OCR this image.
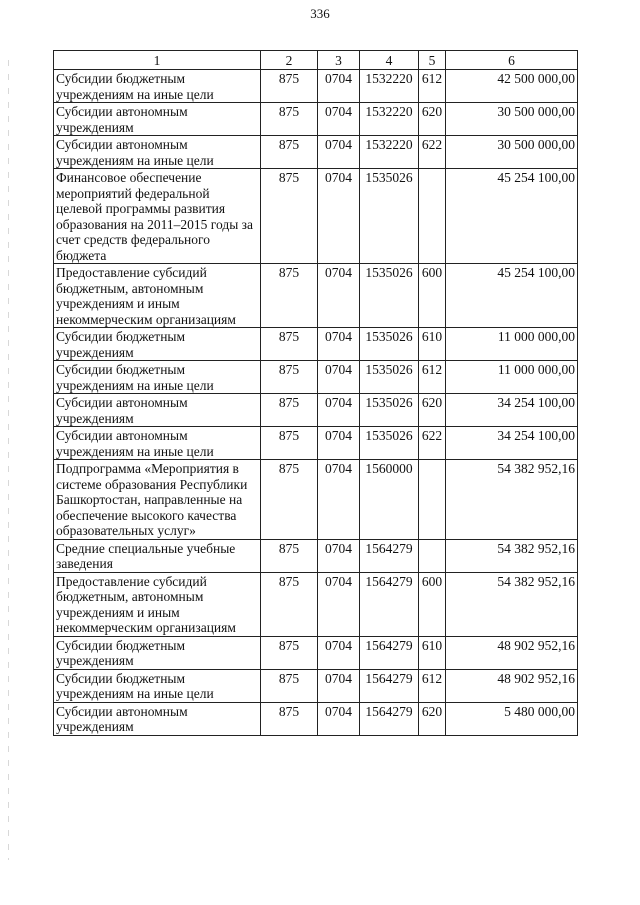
336
1	2	3	4	5	6
Субсидии бюджетным учреждениям на иные цели	875	0704	1532220	612	42 500 000,00
Субсидии автономным учреждениям	875	0704	1532220	620	30 500 000,00
Субсидии автономным учреждениям на иные цели	875	0704	1532220	622	30 500 000,00
Финансовое обеспечение мероприятий федеральной целевой программы развития образования на 2011–2015 годы за счет средств федерального бюджета	875	0704	1535026		45 254 100,00
Предоставление субсидий бюджетным, автономным учреждениям и иным некоммерческим организациям	875	0704	1535026	600	45 254 100,00
Субсидии бюджетным учреждениям	875	0704	1535026	610	11 000 000,00
Субсидии бюджетным учреждениям на иные цели	875	0704	1535026	612	11 000 000,00
Субсидии автономным учреждениям	875	0704	1535026	620	34 254 100,00
Субсидии автономным учреждениям на иные цели	875	0704	1535026	622	34 254 100,00
Подпрограмма «Мероприятия в системе образования Республики Башкортостан, направленные на обеспечение высокого качества образовательных услуг»	875	0704	1560000		54 382 952,16
Средние специальные учебные заведения	875	0704	1564279		54 382 952,16
Предоставление субсидий бюджетным, автономным учреждениям и иным некоммерческим организациям	875	0704	1564279	600	54 382 952,16
Субсидии бюджетным учреждениям	875	0704	1564279	610	48 902 952,16
Субсидии бюджетным учреждениям на иные цели	875	0704	1564279	612	48 902 952,16
Субсидии автономным учреждениям	875	0704	1564279	620	5 480 000,00
